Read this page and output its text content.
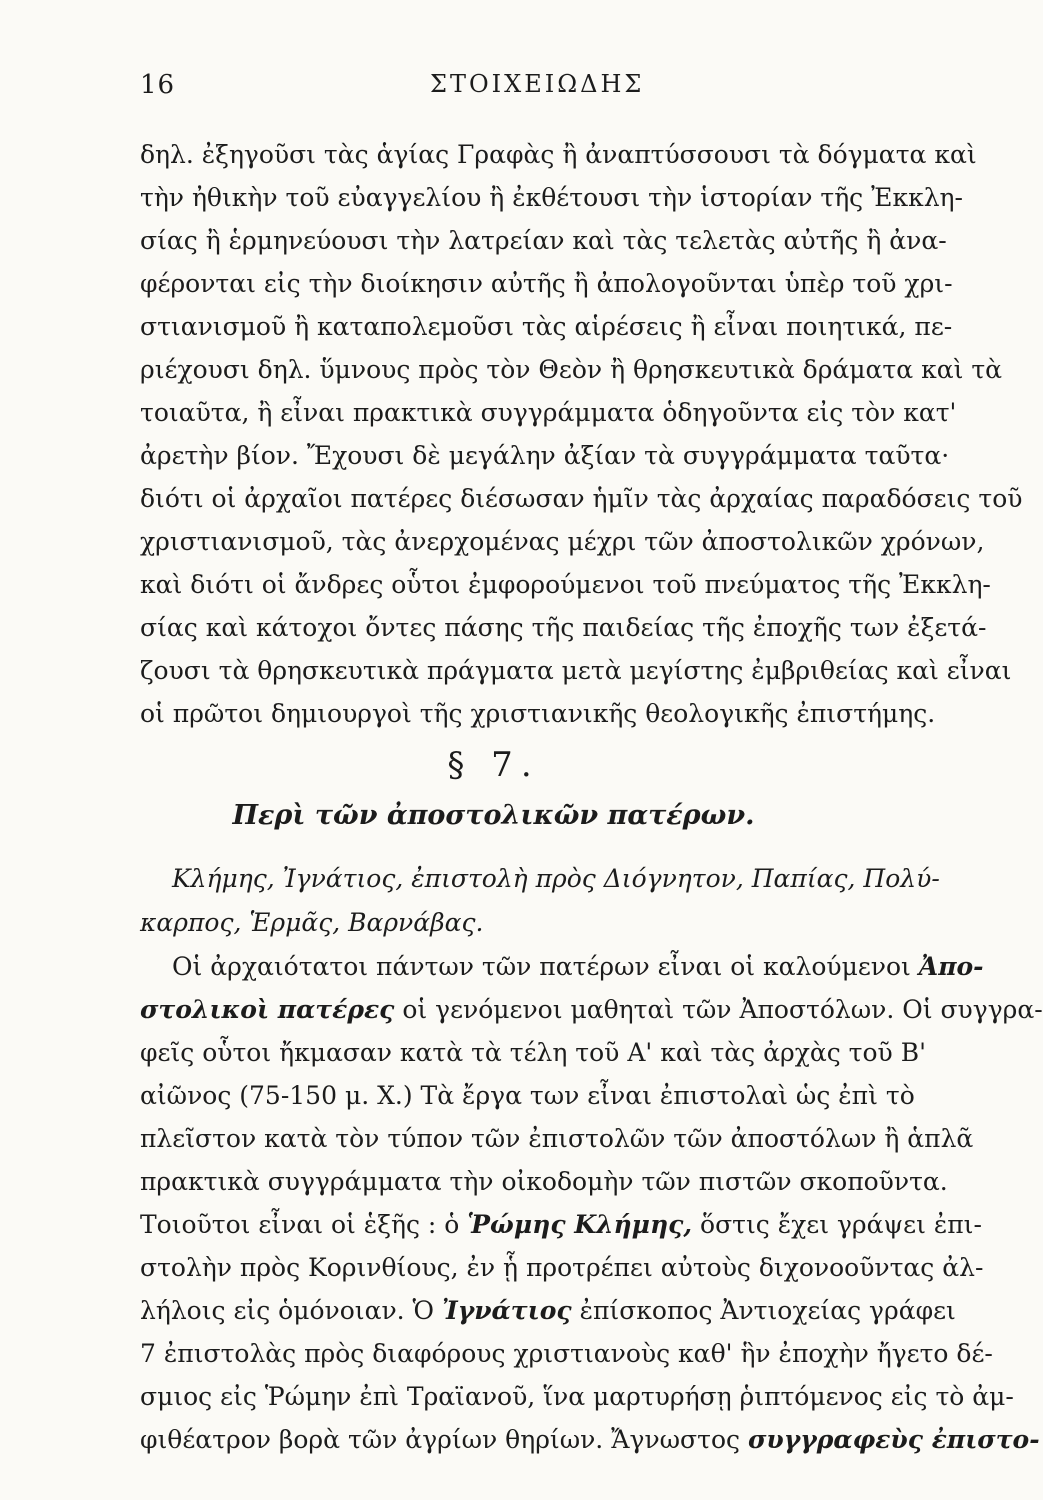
16	ΣΤΟΙΧΕΙΩΔΗΣ
δηλ. ἐξηγοῦσι τὰς ἁγίας Γραφὰς ἢ ἀναπτύσσουσι τὰ δόγματα καὶ
τὴν ἠθικὴν τοῦ εὐαγγελίου ἢ ἐκθέτουσι τὴν ἱστορίαν τῆς Ἐκκλη-
σίας ἢ ἑρμηνεύουσι τὴν λατρείαν καὶ τὰς τελετὰς αὐτῆς ἢ ἀνα-
φέρονται εἰς τὴν διοίκησιν αὐτῆς ἢ ἀπολογοῦνται ὑπὲρ τοῦ χρι-
στιανισμοῦ ἢ καταπολεμοῦσι τὰς αἱρέσεις ἢ εἶναι ποιητικά, πε-
ριέχουσι δηλ. ὕμνους πρὸς τὸν Θεὸν ἢ θρησκευτικὰ δράματα καὶ τὰ
τοιαῦτα, ἢ εἶναι πρακτικὰ συγγράμματα ὁδηγοῦντα εἰς τὸν κατ'
ἀρετὴν βίον. Ἔχουσι δὲ μεγάλην ἀξίαν τὰ συγγράμματα ταῦτα·
διότι οἱ ἀρχαῖοι πατέρες διέσωσαν ἡμῖν τὰς ἀρχαίας παραδόσεις τοῦ
χριστιανισμοῦ, τὰς ἀνερχομένας μέχρι τῶν ἀποστολικῶν χρόνων,
καὶ διότι οἱ ἄνδρες οὗτοι ἐμφορούμενοι τοῦ πνεύματος τῆς Ἐκκλη-
σίας καὶ κάτοχοι ὄντες πάσης τῆς παιδείας τῆς ἐποχῆς των ἐξετά-
ζουσι τὰ θρησκευτικὰ πράγματα μετὰ μεγίστης ἐμβριθείας καὶ εἶναι
οἱ πρῶτοι δημιουργοὶ τῆς χριστιανικῆς θεολογικῆς ἐπιστήμης.
§ 7.
Περὶ τῶν ἀποστολικῶν πατέρων.
Κλήμης, Ἰγνάτιος, ἐπιστολὴ πρὸς Διόγνητον, Παπίας, Πολύ-
καρπος, Ἑρμᾶς, Βαρνάβας.
Οἱ ἀρχαιότατοι πάντων τῶν πατέρων εἶναι οἱ καλούμενοι Ἀπο-
στολικοὶ πατέρες οἱ γενόμενοι μαθηταὶ τῶν Ἀποστόλων. Οἱ συγγρα-
φεῖς οὗτοι ἤκμασαν κατὰ τὰ τέλη τοῦ Α' καὶ τὰς ἀρχὰς τοῦ Β'
αἰῶνος (75-150 μ. Χ.) Τὰ ἔργα των εἶναι ἐπιστολαὶ ὡς ἐπὶ τὸ
πλεῖστον κατὰ τὸν τύπον τῶν ἐπιστολῶν τῶν ἀποστόλων ἢ ἁπλᾶ
πρακτικὰ συγγράμματα τὴν οἰκοδομὴν τῶν πιστῶν σκοποῦντα.
Τοιοῦτοι εἶναι οἱ ἑξῆς : ὁ Ῥώμης Κλήμης, ὅστις ἔχει γράψει ἐπι-
στολὴν πρὸς Κορινθίους, ἐν ᾗ προτρέπει αὐτοὺς διχονοοῦντας ἀλ-
λήλοις εἰς ὁμόνοιαν. Ὁ Ἰγνάτιος ἐπίσκοπος Ἀντιοχείας γράφει
7 ἐπιστολὰς πρὸς διαφόρους χριστιανοὺς καθ' ἣν ἐποχὴν ἤγετο δέ-
σμιος εἰς Ῥώμην ἐπὶ Τραϊανοῦ, ἵνα μαρτυρήσῃ ῥιπτόμενος εἰς τὸ ἀμ-
φιθέατρον βορὰ τῶν ἀγρίων θηρίων. Ἄγνωστος συγγραφεὺς ἐπιστο-
